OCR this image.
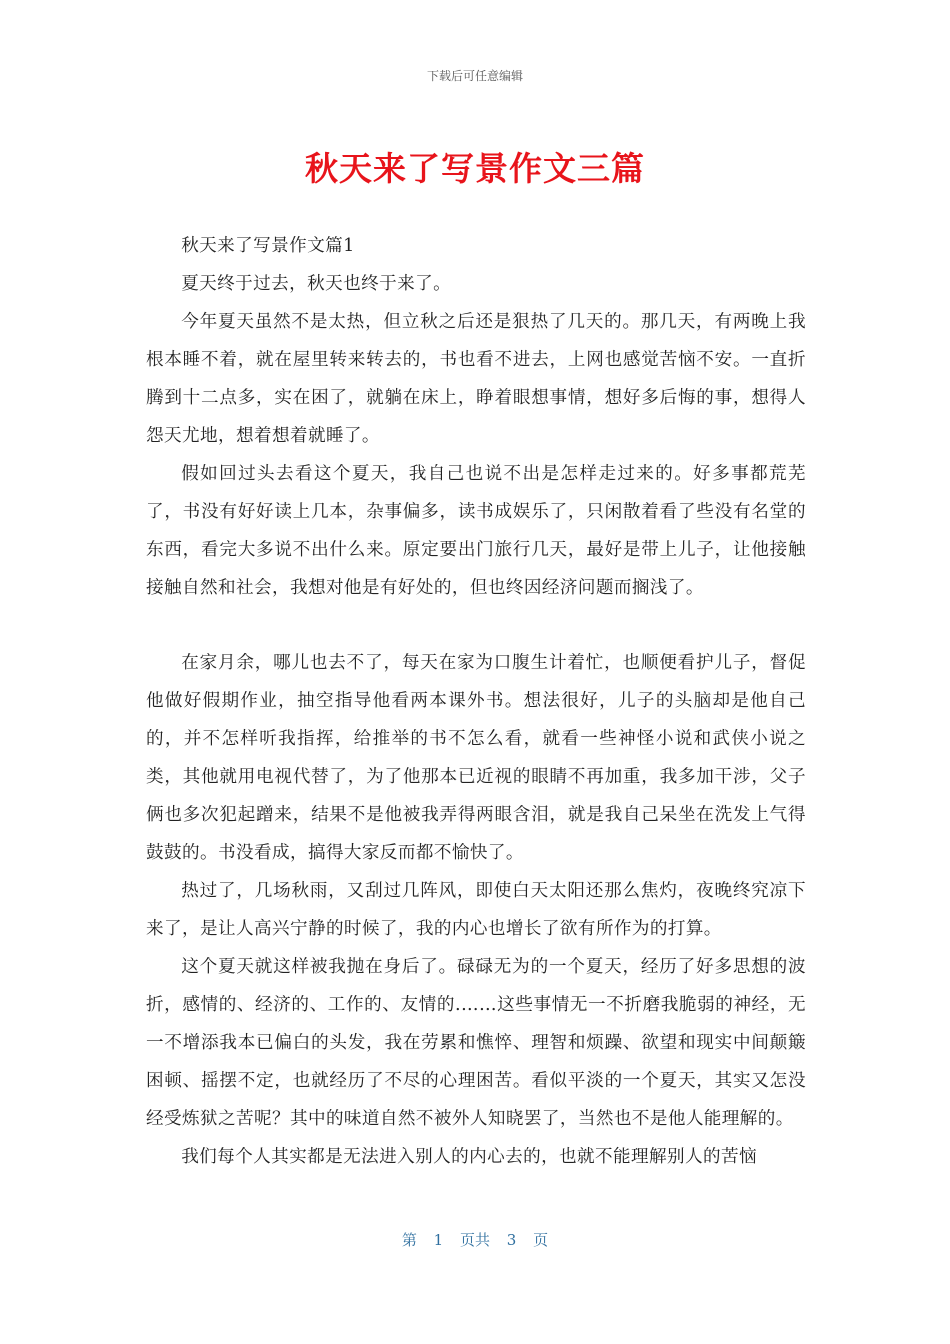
下载后可任意编辑
秋天来了写景作文三篇

秋天来了写景作文篇1

夏天终于过去，秋天也终于来了。

今年夏天虽然不是太热，但立秋之后还是狠热了几天的。那几天，有两晚上我根本睡不着，就在屋里转来转去的，书也看不进去，上网也感觉苦恼不安。一直折腾到十二点多，实在困了，就躺在床上，睁着眼想事情，想好多后悔的事，想得人怨天尤地，想着想着就睡了。

假如回过头去看这个夏天，我自己也说不出是怎样走过来的。好多事都荒芜了，书没有好好读上几本，杂事偏多，读书成娱乐了，只闲散着看了些没有名堂的东西，看完大多说不出什么来。原定要出门旅行几天，最好是带上儿子，让他接触接触自然和社会，我想对他是有好处的，但也终因经济问题而搁浅了。

在家月余，哪儿也去不了，每天在家为口腹生计着忙，也顺便看护儿子，督促他做好假期作业，抽空指导他看两本课外书。想法很好，儿子的头脑却是他自己的，并不怎样听我指挥，给推举的书不怎么看，就看一些神怪小说和武侠小说之类，其他就用电视代替了，为了他那本已近视的眼睛不再加重，我多加干涉，父子俩也多次犯起蹭来，结果不是他被我弄得两眼含泪，就是我自己呆坐在洗发上气得鼓鼓的。书没看成，搞得大家反而都不愉快了。

热过了，几场秋雨，又刮过几阵风，即使白天太阳还那么焦灼，夜晚终究凉下来了，是让人高兴宁静的时候了，我的内心也增长了欲有所作为的打算。

这个夏天就这样被我抛在身后了。碌碌无为的一个夏天，经历了好多思想的波折，感情的、经济的、工作的、友情的.……这些事情无一不折磨我脆弱的神经，无一不增添我本已偏白的头发，我在劳累和憔悴、理智和烦躁、欲望和现实中间颠簸困顿、摇摆不定，也就经历了不尽的心理困苦。看似平淡的一个夏天，其实又怎没经受炼狱之苦呢？其中的味道自然不被外人知晓罢了，当然也不是他人能理解的。

我们每个人其实都是无法进入别人的内心去的，也就不能理解别人的苦恼

第 1 页共 3 页
